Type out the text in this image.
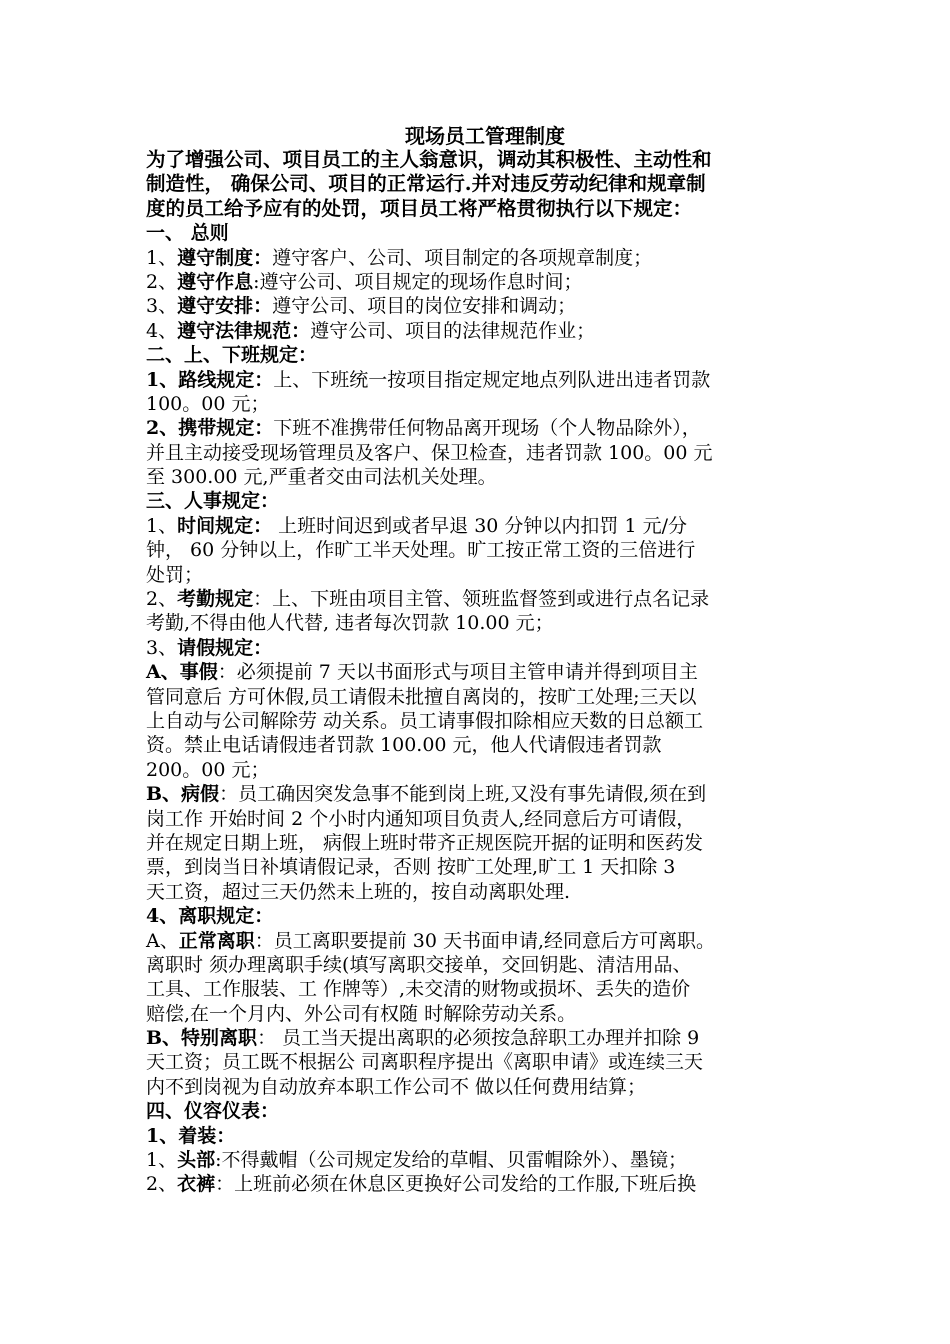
现场员工管理制度
为了增强公司、项目员工的主人翁意识，调动其积极性、主动性和
制造性， 确保公司、项目的正常运行.并对违反劳动纪律和规章制
度的员工给予应有的处罚，项目员工将严格贯彻执行以下规定：
一、 总则
1、遵守制度：遵守客户、公司、项目制定的各项规章制度；
2、遵守作息:遵守公司、项目规定的现场作息时间；
3、遵守安排：遵守公司、项目的岗位安排和调动；
4、遵守法律规范：遵守公司、项目的法律规范作业；
二、上、下班规定：
1、路线规定：上、下班统一按项目指定规定地点列队进出违者罚款
100。00 元；
2、携带规定：下班不准携带任何物品离开现场（个人物品除外），
并且主动接受现场管理员及客户、保卫检查，违者罚款 100。00 元
至 300.00 元,严重者交由司法机关处理。
三、人事规定：
1、时间规定： 上班时间迟到或者早退 30 分钟以内扣罚 1 元/分
钟， 60 分钟以上，作旷工半天处理。旷工按正常工资的三倍进行
处罚；
2、考勤规定：上、下班由项目主管、领班监督签到或进行点名记录
考勤,不得由他人代替, 违者每次罚款 10.00 元；
3、请假规定：
A、事假：必须提前 7 天以书面形式与项目主管申请并得到项目主
管同意后 方可休假,员工请假未批擅自离岗的，按旷工处理;三天以
上自动与公司解除劳 动关系。员工请事假扣除相应天数的日总额工
资。禁止电话请假违者罚款 100.00 元，他人代请假违者罚款
200。00 元；
B、病假：员工确因突发急事不能到岗上班,又没有事先请假,须在到
岗工作 开始时间 2 个小时内通知项目负责人,经同意后方可请假，
并在规定日期上班， 病假上班时带齐正规医院开据的证明和医药发
票，到岗当日补填请假记录，否则 按旷工处理,旷工 1 天扣除 3
天工资，超过三天仍然未上班的，按自动离职处理.
4、离职规定：
A、正常离职：员工离职要提前 30 天书面申请,经同意后方可离职。
离职时 须办理离职手续(填写离职交接单，交回钥匙、清洁用品、
工具、工作服装、工 作牌等）,未交清的财物或损坏、丢失的造价
赔偿,在一个月内、外公司有权随 时解除劳动关系。
B、特别离职： 员工当天提出离职的必须按急辞职工办理并扣除 9
天工资；员工既不根据公 司离职程序提出《离职申请》或连续三天
内不到岗视为自动放弃本职工作公司不 做以任何费用结算；
四、仪容仪表：
1、着装：
1、头部:不得戴帽（公司规定发给的草帽、贝雷帽除外）、墨镜；
2、衣裤：上班前必须在休息区更换好公司发给的工作服,下班后换
